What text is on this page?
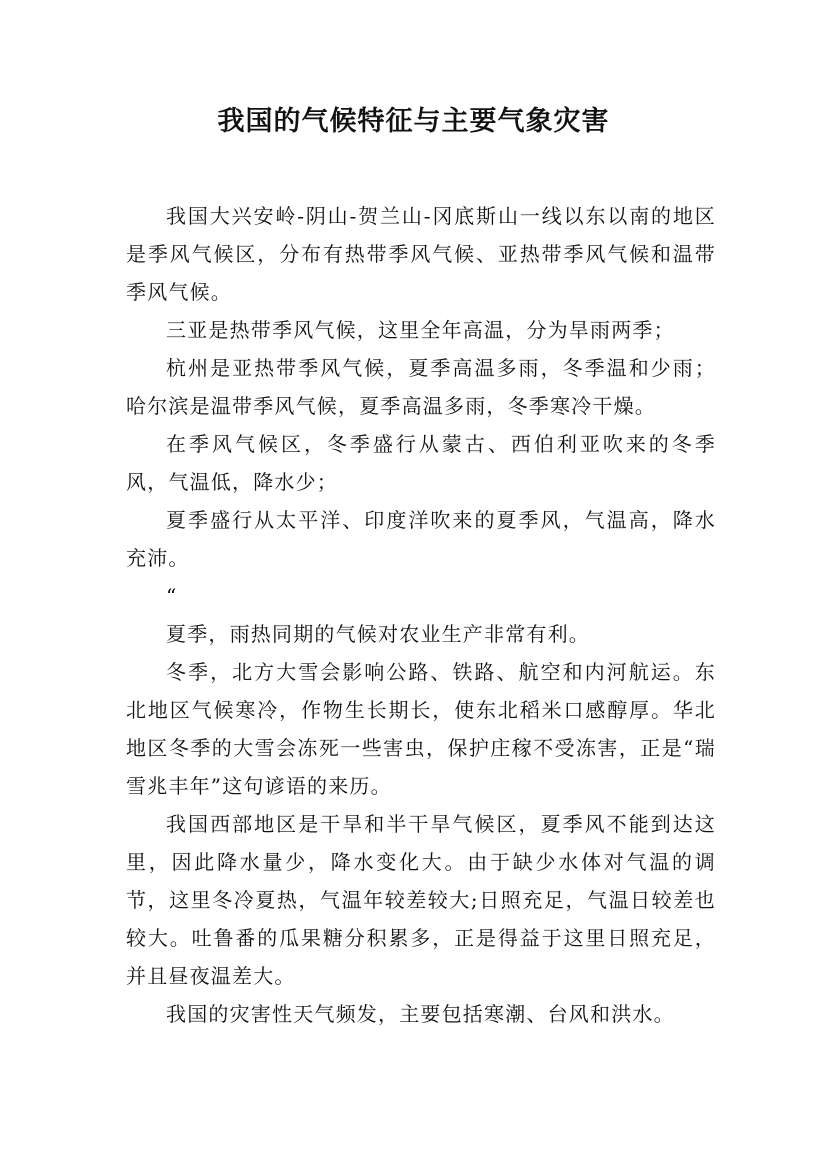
我国的气候特征与主要气象灾害

我国大兴安岭-阴山-贺兰山-冈底斯山一线以东以南的地区是季风气候区，分布有热带季风气候、亚热带季风气候和温带季风气候。

三亚是热带季风气候，这里全年高温，分为旱雨两季；

杭州是亚热带季风气候，夏季高温多雨，冬季温和少雨；哈尔滨是温带季风气候，夏季高温多雨，冬季寒冷干燥。

在季风气候区，冬季盛行从蒙古、西伯利亚吹来的冬季风，气温低，降水少；

夏季盛行从太平洋、印度洋吹来的夏季风，气温高，降水充沛。

“

夏季，雨热同期的气候对农业生产非常有利。

冬季，北方大雪会影响公路、铁路、航空和内河航运。东北地区气候寒冷，作物生长期长，使东北稻米口感醇厚。华北地区冬季的大雪会冻死一些害虫，保护庄稼不受冻害，正是“瑞雪兆丰年”这句谚语的来历。

我国西部地区是干旱和半干旱气候区，夏季风不能到达这里，因此降水量少，降水变化大。由于缺少水体对气温的调节，这里冬冷夏热，气温年较差较大;日照充足，气温日较差也较大。吐鲁番的瓜果糖分积累多，正是得益于这里日照充足，并且昼夜温差大。

我国的灾害性天气频发，主要包括寒潮、台风和洪水。
